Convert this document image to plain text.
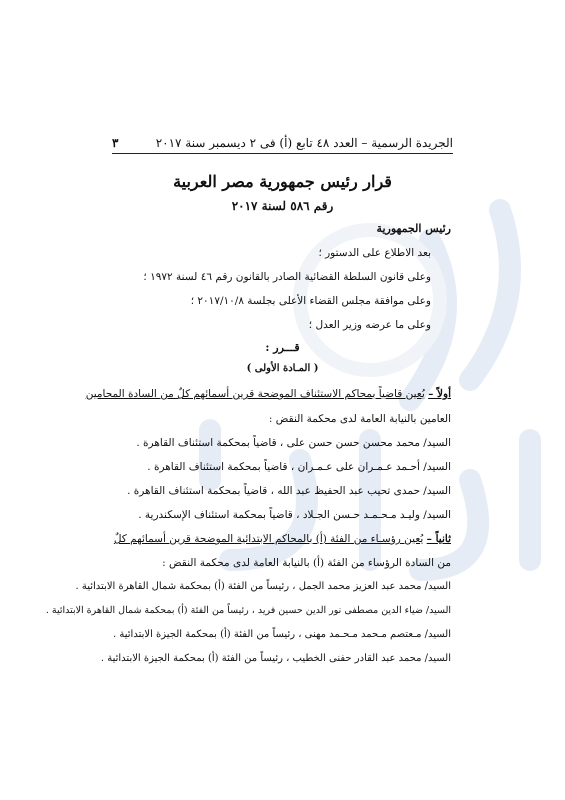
الجريدة الرسمية – العدد ٤٨ تابع (أ) فى ٢ ديسمبر سنة ٢٠١٧
٣
قرار رئيس جمهورية مصر العربية
رقم ٥٨٦ لسنة ٢٠١٧
رئيس الجمهورية
بعد الاطلاع على الدستور ؛
وعلى قانون السلطة القضائية الصادر بالقانون رقم ٤٦ لسنة ١٩٧٢ ؛
وعلى موافقة مجلس القضاء الأعلى بجلسة ٢٠١٧/١٠/٨ ؛
وعلى ما عرضه وزير العدل ؛
قـــرر :
( المـادة الأولى )
أولاً – يُعين قاضياً بمحاكم الاستئناف الموضحة قرين أسمائهم كلٌ من السادة المحامين
العامين بالنيابة العامة لدى محكمة النقض :
السيد/ محمد محسن حسن حسن على ، قاضياً بمحكمة استئناف القاهرة .
السيد/ أحـمد عـمـران على عـمـران ، قاضياً بمحكمة استئناف القاهرة .
السيد/ حمدى تحيب عبد الحفيظ عبد الله ، قاضياً بمحكمة استئناف القاهرة .
السيد/ وليـد مـحـمـد حـسن الجـلاد ، قاضياً بمحكمة استئناف الإسكندرية .
ثانياً – يُعين رؤسـاء من الفئة (أ) بالمحاكم الابتدائية الموضحة قرين أسمائهم كلٌ
من السادة الرؤساء من الفئة (أ) بالنيابة العامة لدى محكمة النقض :
السيد/ محمد عبد العزيز محمد الجمل ، رئيساً من الفئة (أ) بمحكمة شمال القاهرة الابتدائية .
السيد/ ضياء الدين مصطفى نور الدين حسين فريد ، رئيساً من الفئة (أ) بمحكمة شمال القاهرة الابتدائية .
السيد/ مـعتصم مـحمد مـحـمد مهنى ، رئيساً من الفئة (أ) بمحكمة الجيزة الابتدائية .
السيد/ محمد عبد القادر حفنى الخطيب ، رئيساً من الفئة (أ) بمحكمة الجيزة الابتدائية .
